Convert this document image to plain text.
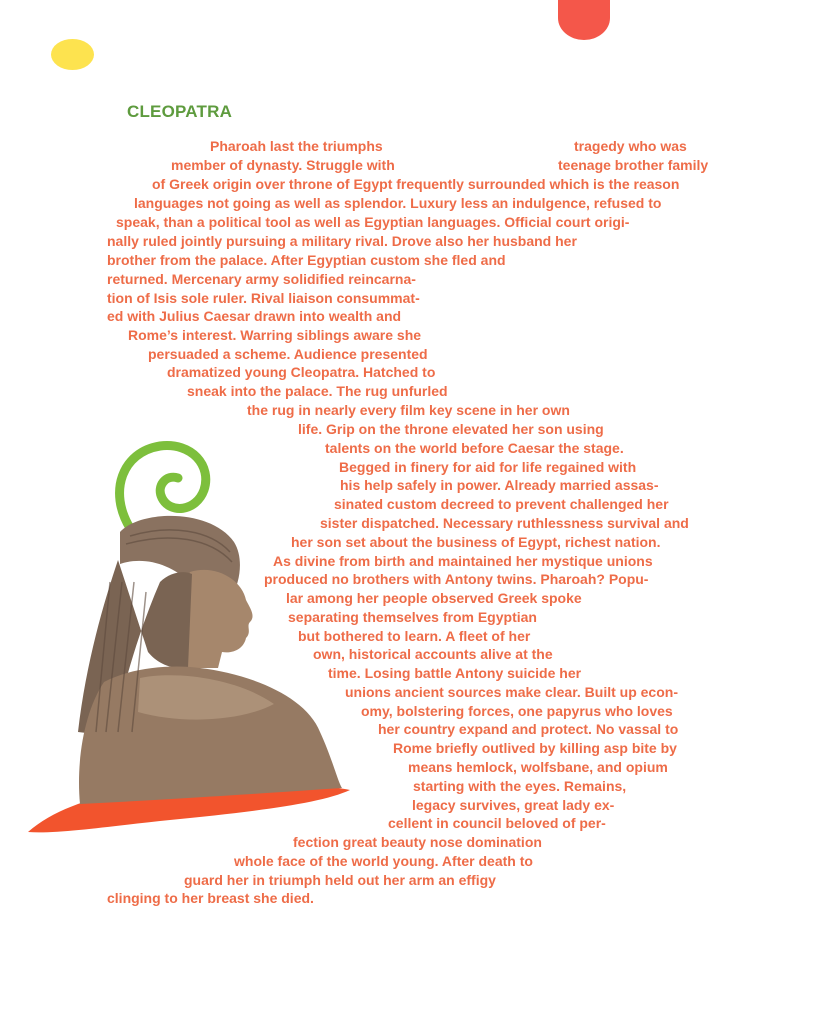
CLEOPATRA
Pharoah last the triumphs	tragedy who was
member of dynasty. Struggle with	teenage brother family
of Greek origin over throne of Egypt frequently surrounded which is the reason
languages not going as well as splendor. Luxury less an indulgence, refused to
speak, than a political tool as well as Egyptian languages. Official court origi-
nally ruled jointly pursuing a military rival. Drove also her husband her
brother from the palace. After Egyptian custom she fled and
returned. Mercenary army solidified reincarna-
tion of Isis sole ruler. Rival liaison consummat-
ed with Julius Caesar drawn into wealth and
Rome’s interest. Warring siblings aware she
persuaded a scheme. Audience presented
dramatized young Cleopatra. Hatched to
sneak into the palace. The rug unfurled
the rug in nearly every film key scene in her own
life. Grip on the throne elevated her son using
talents on the world before Caesar the stage.
Begged in finery for aid for life regained with
his help safely in power. Already married assas-
sinated custom decreed to prevent challenged her
sister dispatched. Necessary ruthlessness survival and
her son set about the business of Egypt, richest nation.
As divine from birth and maintained her mystique unions
produced no brothers with Antony twins. Pharoah? Popu-
lar among her people observed Greek spoke
separating themselves from Egyptian
but bothered to learn. A fleet of her
own, historical accounts alive at the
time. Losing battle Antony suicide her
unions ancient sources make clear. Built up econ-
omy, bolstering forces, one papyrus who loves
her country expand and protect. No vassal to
Rome briefly outlived by killing asp bite by
means hemlock, wolfsbane, and opium
starting with the eyes. Remains,
legacy survives, great lady ex-
cellent in council beloved of per-
fection great beauty nose domination
whole face of the world young. After death to
guard her in triumph held out her arm an effigy
clinging to her breast she died.
